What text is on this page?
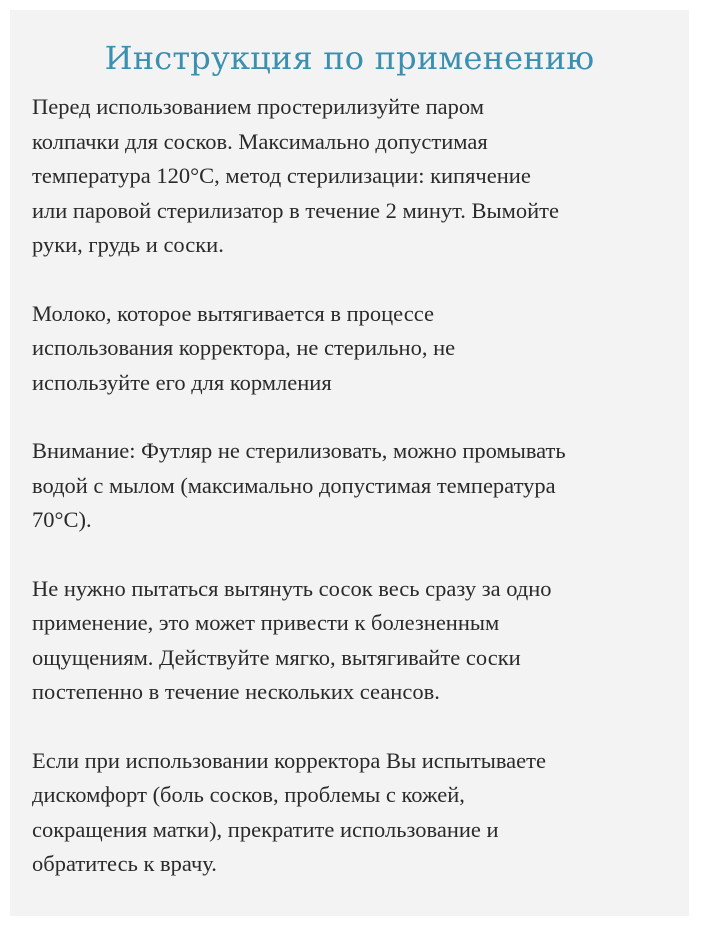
Инструкция по применению

Перед использованием простерилизуйте паром
колпачки для сосков. Максимально допустимая
температура 120°С, метод стерилизации: кипячение
или паровой стерилизатор в течение 2 минут. Вымойте
руки, грудь и соски.

Молоко, которое вытягивается в процессе
использования корректора, не стерильно, не
используйте его для кормления

Внимание: Футляр не стерилизовать, можно промывать
водой с мылом (максимально допустимая температура
70°С).

Не нужно пытаться вытянуть сосок весь сразу за одно
применение, это может привести к болезненным
ощущениям. Действуйте мягко, вытягивайте соски
постепенно в течение нескольких сеансов.

Если при использовании корректора Вы испытываете
дискомфорт (боль сосков, проблемы с кожей,
сокращения матки), прекратите использование и
обратитесь к врачу.
